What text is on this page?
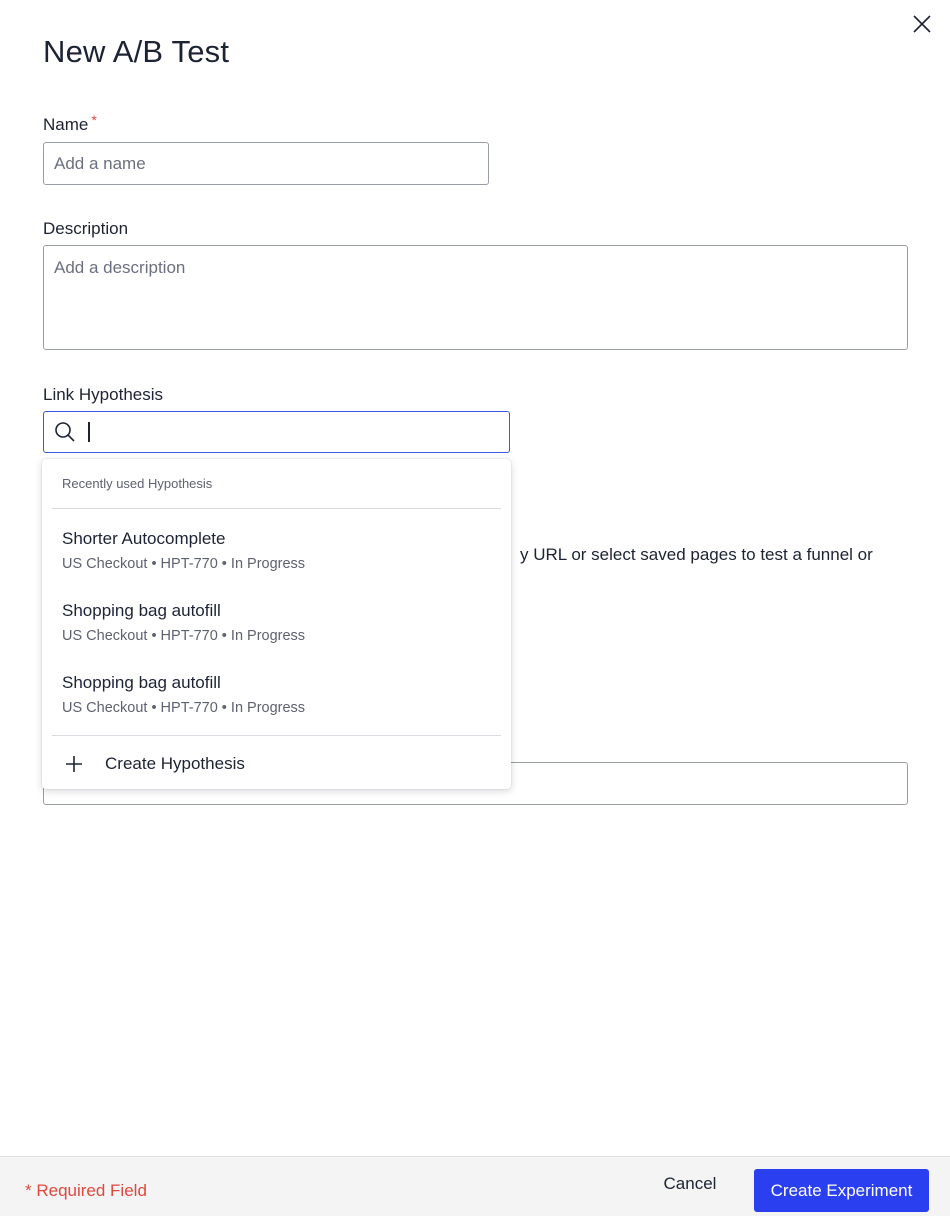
New A/B Test
Name *
Add a name
Description
Add a description
y URL or select saved pages to test a funnel or
Link Hypothesis
Recently used Hypothesis
Shorter Autocomplete
US Checkout • HPT-770 • In Progress
Shopping bag autofill
US Checkout • HPT-770 • In Progress
Shopping bag autofill
US Checkout • HPT-770 • In Progress
Create Hypothesis
* Required Field	Cancel	Create Experiment
